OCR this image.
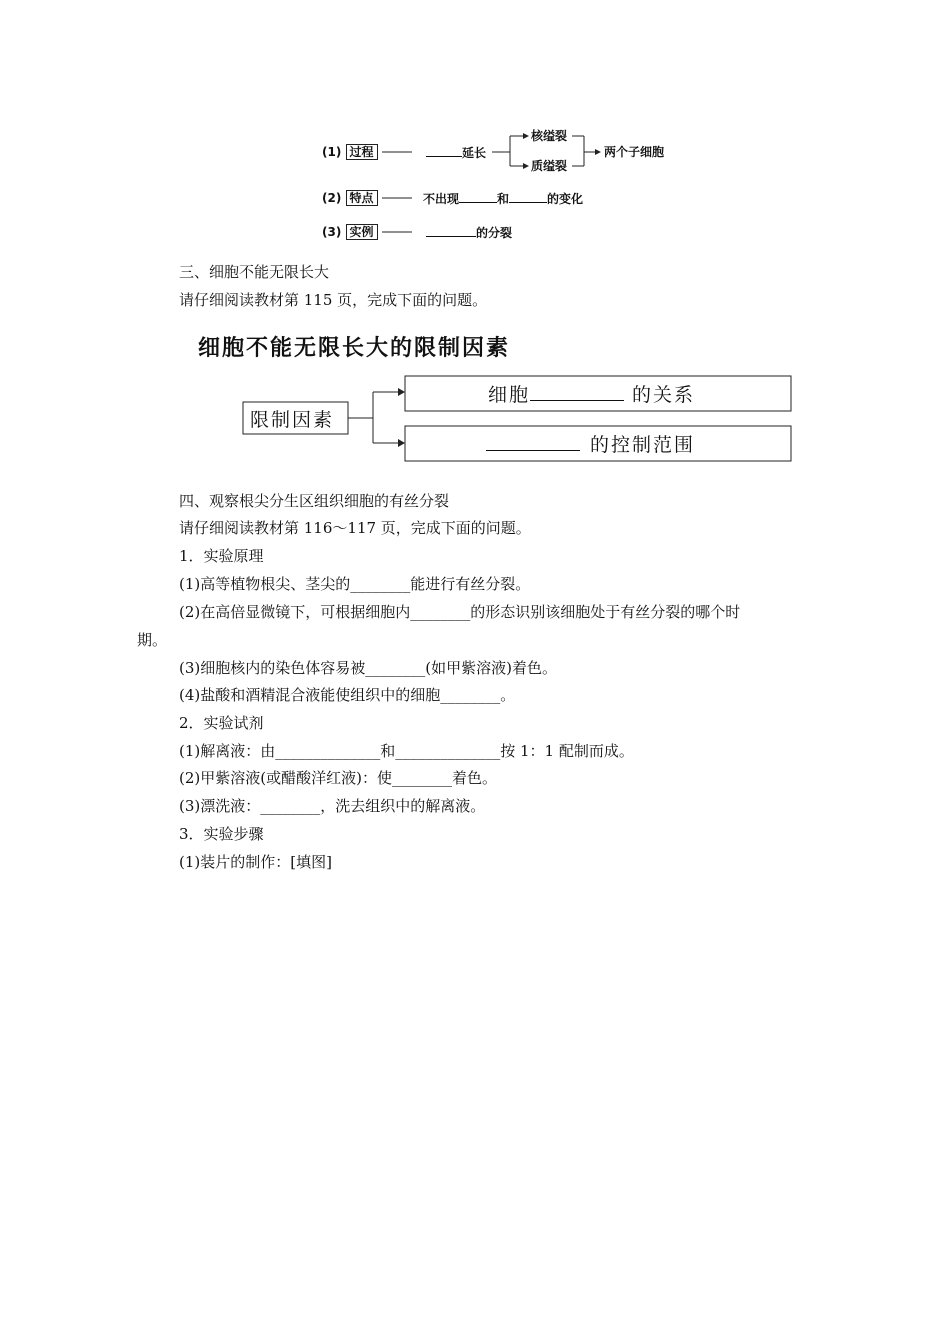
(1) 过程	延长
核缢裂
质缢裂
两个子细胞
(2) 特点	不出现	和	的变化
(3) 实例	的分裂
三、细胞不能无限长大
请仔细阅读教材第 115 页，完成下面的问题。
细胞不能无限长大的限制因素
限制因素
细胞	的关系
的控制范围
四、观察根尖分生区组织细胞的有丝分裂
请仔细阅读教材第 116～117 页，完成下面的问题。
1．实验原理
(1)高等植物根尖、茎尖的________能进行有丝分裂。
(2)在高倍显微镜下，可根据细胞内________的形态识别该细胞处于有丝分裂的哪个时
期。
(3)细胞核内的染色体容易被________(如甲紫溶液)着色。
(4)盐酸和酒精混合液能使组织中的细胞________。
2．实验试剂
(1)解离液：由______________和______________按 1：1 配制而成。
(2)甲紫溶液(或醋酸洋红液)：使________着色。
(3)漂洗液：________，洗去组织中的解离液。
3．实验步骤
(1)装片的制作：[填图]
